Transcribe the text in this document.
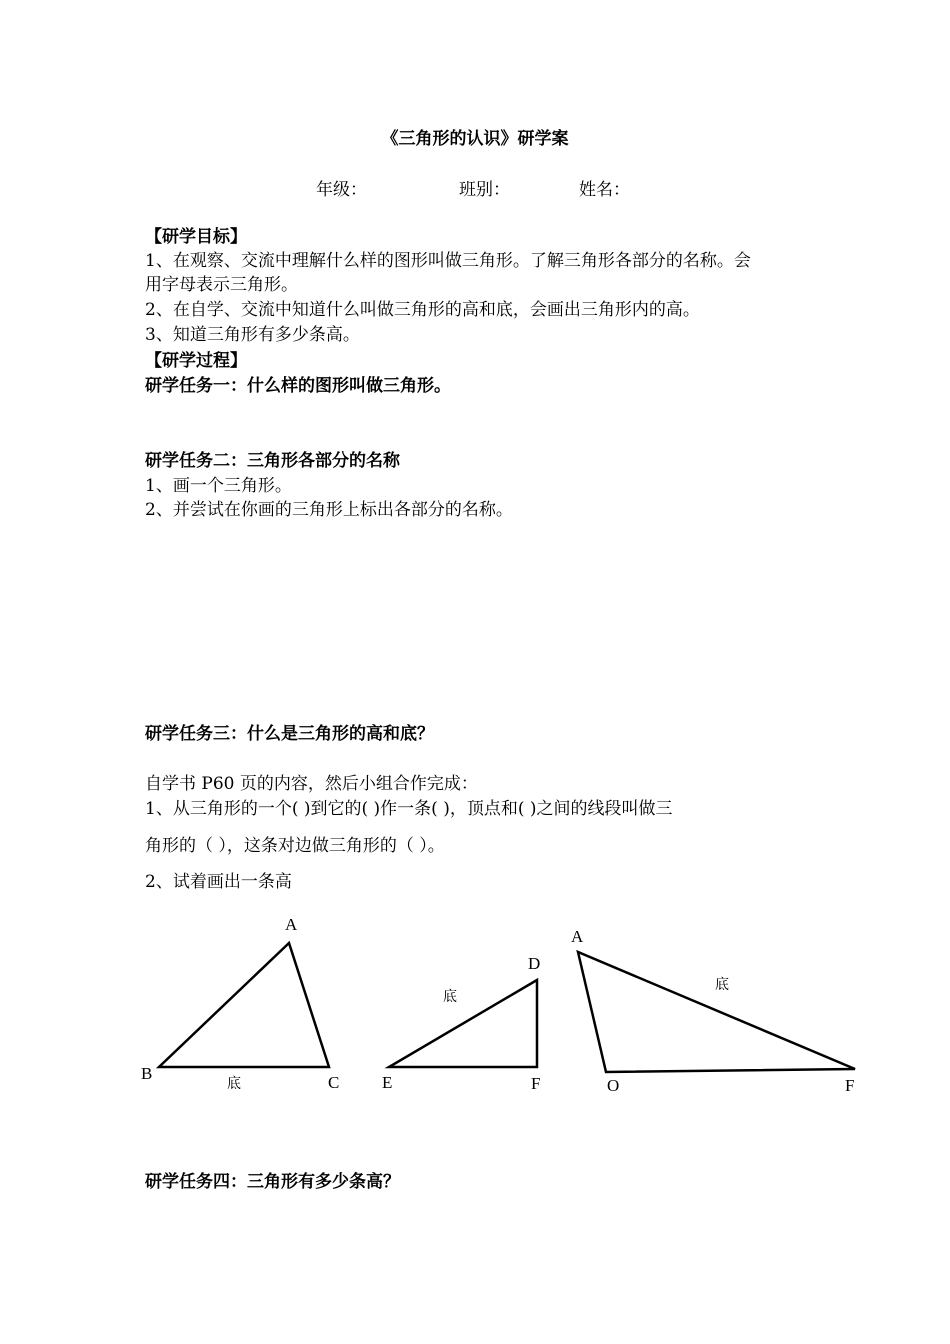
《三角形的认识》研学案
年级：	班别：	姓名：
【研学目标】
1、在观察、交流中理解什么样的图形叫做三角形。了解三角形各部分的名称。会
用字母表示三角形。
2、在自学、交流中知道什么叫做三角形的高和底，会画出三角形内的高。
3、知道三角形有多少条高。
【研学过程】
研学任务一：什么样的图形叫做三角形。
研学任务二：三角形各部分的名称
1、画一个三角形。
2、并尝试在你画的三角形上标出各部分的名称。
研学任务三：什么是三角形的高和底？
自学书 P60 页的内容，然后小组合作完成：
1、从三角形的一个( )到它的( )作一条( )，顶点和( )之间的线段叫做三
角形的（ ），这条对边做三角形的（ ）。
2、试着画出一条高
A
B	C
底
D
E	F
底
A
O	F
底
研学任务四：三角形有多少条高？
